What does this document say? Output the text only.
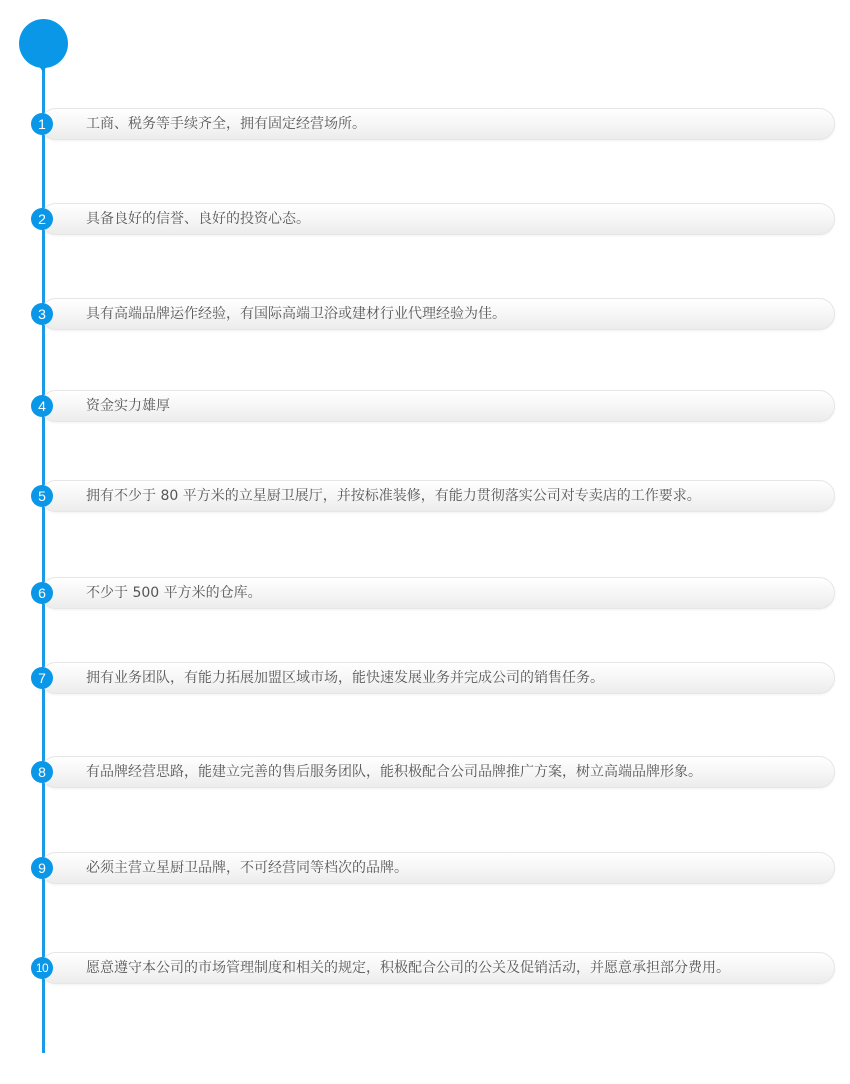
1	工商、税务等手续齐全，拥有固定经营场所。
2	具备良好的信誉、良好的投资心态。
3	具有高端品牌运作经验，有国际高端卫浴或建材行业代理经验为佳。
4	资金实力雄厚
5	拥有不少于 80 平方米的立星厨卫展厅，并按标准装修，有能力贯彻落实公司对专卖店的工作要求。
6	不少于 500 平方米的仓库。
7	拥有业务团队，有能力拓展加盟区域市场，能快速发展业务并完成公司的销售任务。
8	有品牌经营思路，能建立完善的售后服务团队，能积极配合公司品牌推广方案，树立高端品牌形象。
9	必须主营立星厨卫品牌，不可经营同等档次的品牌。
10	愿意遵守本公司的市场管理制度和相关的规定，积极配合公司的公关及促销活动，并愿意承担部分费用。
